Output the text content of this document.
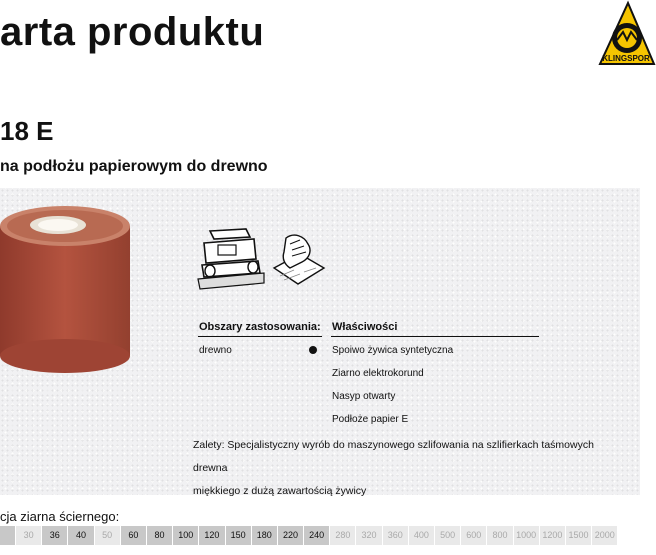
arta produktu
KLINGSPOR
18 E
na podłożu papierowym do drewno
Obszary zastosowania: Właściwości
drewno	Spoiwo żywica syntetyczna
Ziarno elektrokorund
Nasyp otwarty
Podłoże papier E
Zalety: Specjalistyczny wyrób do maszynowego szlifowania na szlifierkach taśmowych drewna
miękkiego z dużą zawartością żywicy
cja ziarna ściernego:
30	36	40	50	60	80	100	120	150	180	220	240	280	320	360	400	500	600	800 1000 1200 1500 2000
